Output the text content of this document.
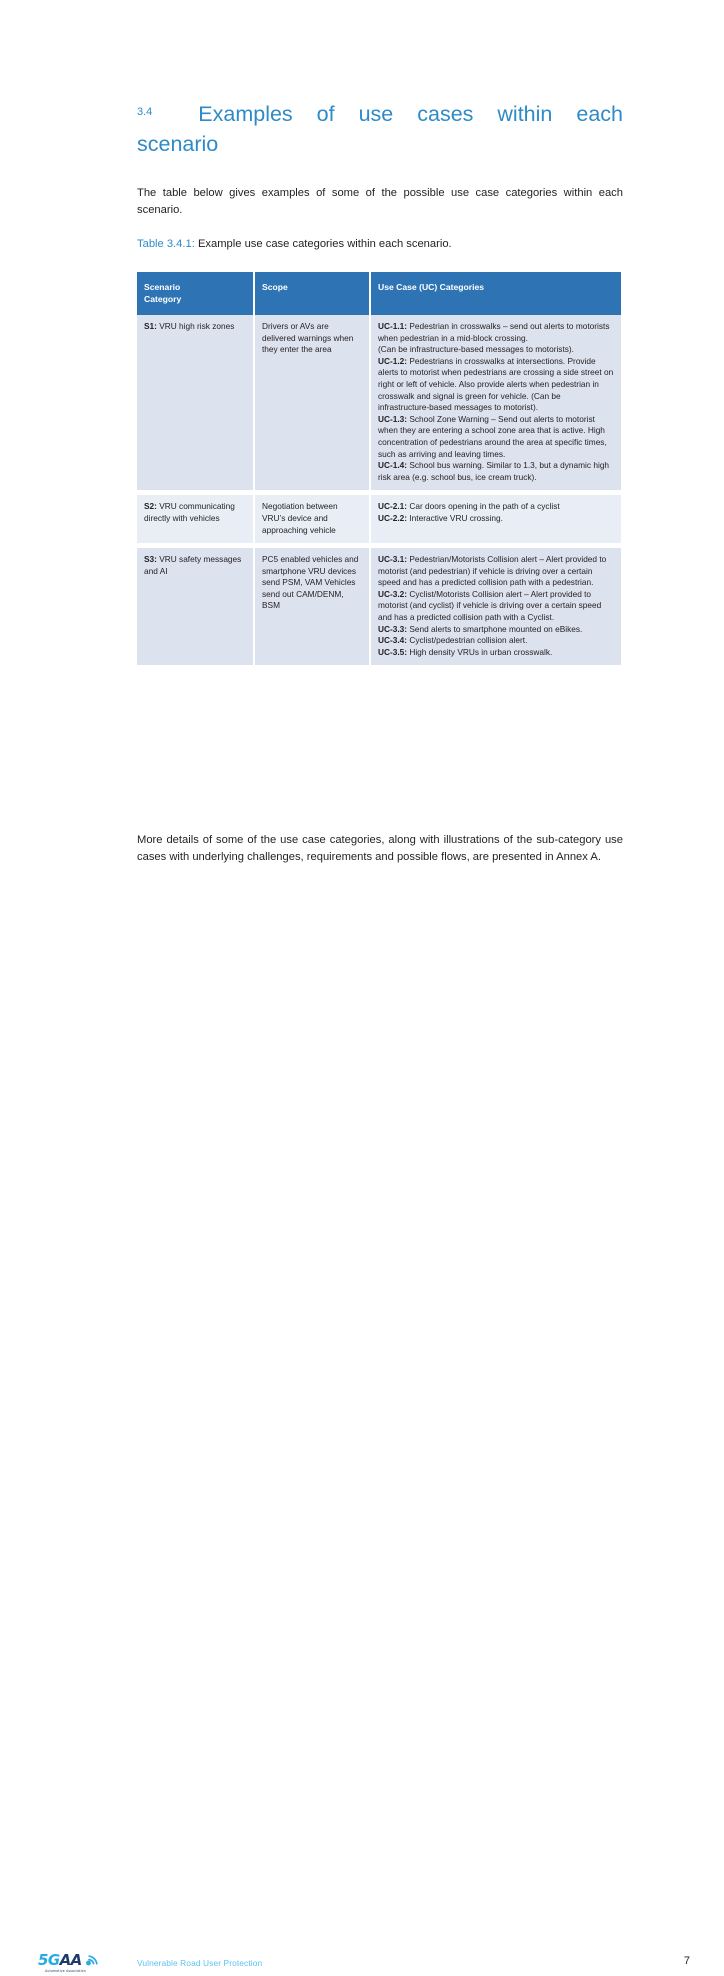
$^{3.4}$	Examples of use cases within each
scenario
The table below gives examples of some of the possible use case categories within each scenario.
Table 3.4.1: Example use case categories within each scenario.
Scenario
Category	Scope	Use Case (UC) Categories

S1: VRU high risk zones	Drivers or AVs are delivered warnings when they enter the area	UC-1.1: Pedestrian in crosswalks – send out alerts to motorists when pedestrian in a mid-block crossing.

(Can be infrastructure-based messages to motorists).

UC-1.2: Pedestrians in crosswalks at intersections. Provide alerts to motorist when pedestrians are crossing a side street on right or left of vehicle. Also provide alerts when pedestrian in crosswalk and signal is green for vehicle. (Can be infrastructure-based messages to motorist).

UC-1.3: School Zone Warning – Send out alerts to motorist when they are entering a school zone area that is active. High concentration of pedestrians around the area at specific times, such as arriving and leaving times.

UC-1.4: School bus warning. Similar to 1.3, but a dynamic high risk area (e.g. school bus, ice cream truck).

S2: VRU communicating directly with vehicles	Negotiation between VRU’s device and approaching vehicle	UC-2.1: Car doors opening in the path of a cyclist

UC-2.2: Interactive VRU crossing.

S3: VRU safety messages and AI	PC5 enabled vehicles and smartphone VRU devices send PSM, VAM Vehicles send out CAM/DENM, BSM	UC-3.1: Pedestrian/Motorists Collision alert – Alert provided to motorist (and pedestrian) if vehicle is driving over a certain speed and has a predicted collision path with a pedestrian.

UC-3.2: Cyclist/Motorists Collision alert – Alert provided to motorist (and cyclist) if vehicle is driving over a certain speed and has a predicted collision path with a Cyclist.

UC-3.3: Send alerts to smartphone mounted on eBikes.

UC-3.4: Cyclist/pedestrian collision alert.

UC-3.5: High density VRUs in urban crosswalk.

More details of some of the use case categories, along with illustrations of the sub-category use cases with underlying challenges, requirements and possible flows, are presented in Annex A.
5GAA
Automotive Association
Vulnerable Road User Protection	7
